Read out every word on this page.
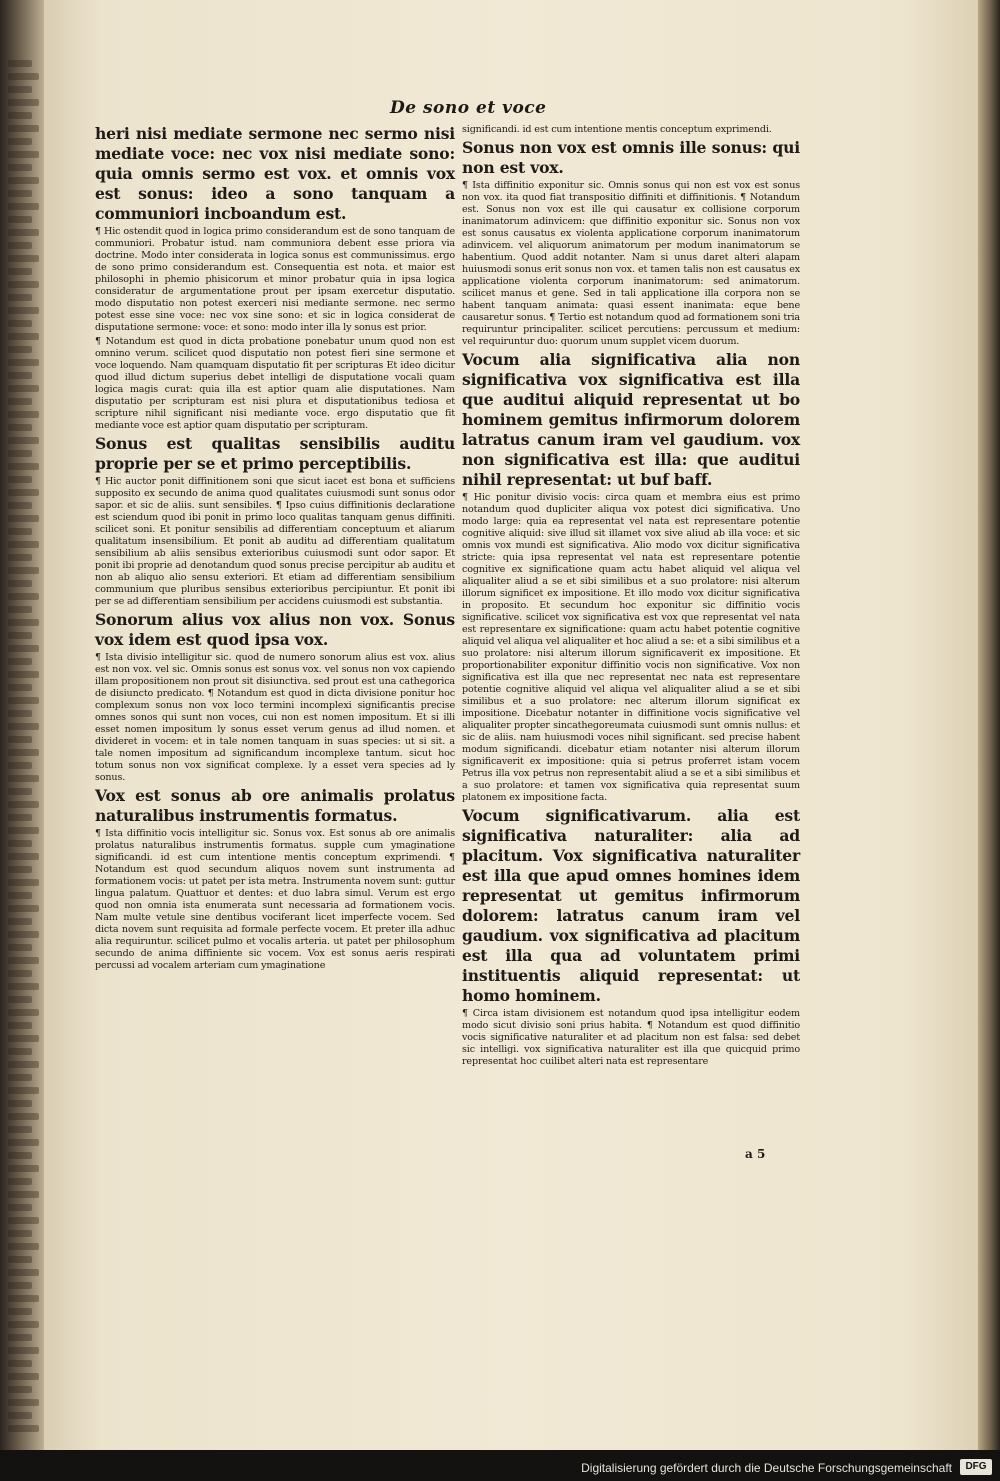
De sono et voce

heri nisi mediate sermone nec sermo nisi mediate voce: nec vox nisi mediate sono: quia omnis sermo est vox. et omnis vox est sonus: ideo a sono tanquam a communiori incboandum est.

¶ Hic ostendit quod in logica primo considerandum est de sono tanquam de communiori. Probatur istud. nam communiora debent esse priora via doctrine. Modo inter considerata in logica sonus est communissimus. ergo de sono primo considerandum est. Consequentia est nota. et maior est philosophi in phemio phisicorum et minor probatur quia in ipsa logica consideratur de argumentatione prout per ipsam exercetur disputatio. modo disputatio non potest exerceri nisi mediante sermone. nec sermo potest esse sine voce: nec vox sine sono: et sic in logica considerat de disputatione sermone: voce: et sono: modo inter illa ly sonus est prior.

¶ Notandum est quod in dicta probatione ponebatur unum quod non est omnino verum. scilicet quod disputatio non potest fieri sine sermone et voce loquendo. Nam quamquam disputatio fit per scripturas Et ideo dicitur quod illud dictum superius debet intelligi de disputatione vocali quam logica magis curat: quia illa est aptior quam alie disputationes. Nam disputatio per scripturam est nisi plura et disputationibus tediosa et scripture nihil significant nisi mediante voce. ergo disputatio que fit mediante voce est aptior quam disputatio per scripturam.

Sonus est qualitas sensibilis auditu proprie per se et primo perceptibilis.

¶ Hic auctor ponit diffinitionem soni que sicut iacet est bona et sufficiens supposito ex secundo de anima quod qualitates cuiusmodi sunt sonus odor sapor. et sic de aliis. sunt sensibiles. ¶ Ipso cuius diffinitionis declaratione est sciendum quod ibi ponit in primo loco qualitas tanquam genus diffiniti. scilicet soni. Et ponitur sensibilis ad differentiam conceptuum et aliarum qualitatum insensibilium. Et ponit ab auditu ad differentiam qualitatum sensibilium ab aliis sensibus exterioribus cuiusmodi sunt odor sapor. Et ponit ibi proprie ad denotandum quod sonus precise percipitur ab auditu et non ab aliquo alio sensu exteriori. Et etiam ad differentiam sensibilium communium que pluribus sensibus exterioribus percipiuntur. Et ponit ibi per se ad differentiam sensibilium per accidens cuiusmodi est substantia.

Sonorum alius vox alius non vox. Sonus vox idem est quod ipsa vox.

¶ Ista divisio intelligitur sic. quod de numero sonorum alius est vox. alius est non vox. vel sic. Omnis sonus est sonus vox. vel sonus non vox capiendo illam propositionem non prout sit disiunctiva. sed prout est una cathegorica de disiuncto predicato. ¶ Notandum est quod in dicta divisione ponitur hoc complexum sonus non vox loco termini incomplexi significantis precise omnes sonos qui sunt non voces, cui non est nomen impositum. Et si illi esset nomen impositum ly sonus esset verum genus ad illud nomen. et divideret in vocem: et in tale nomen tanquam in suas species: ut si sit. a tale nomen impositum ad significandum incomplexe tantum. sicut hoc totum sonus non vox significat complexe. ly a esset vera species ad ly sonus.

Vox est sonus ab ore animalis prolatus naturalibus instrumentis formatus.

¶ Ista diffinitio vocis intelligitur sic. Sonus vox. Est sonus ab ore animalis prolatus naturalibus instrumentis formatus. supple cum ymaginatione significandi. id est cum intentione mentis conceptum exprimendi. ¶ Notandum est quod secundum aliquos novem sunt instrumenta ad formationem vocis: ut patet per ista metra. Instrumenta novem sunt: guttur lingua palatum. Quattuor et dentes: et duo labra simul. Verum est ergo quod non omnia ista enumerata sunt necessaria ad formationem vocis. Nam multe vetule sine dentibus vociferant licet imperfecte vocem. Sed dicta novem sunt requisita ad formale perfecte vocem. Et preter illa adhuc alia requiruntur. scilicet pulmo et vocalis arteria. ut patet per philosophum secundo de anima diffiniente sic vocem. Vox est sonus aeris respirati percussi ad vocalem arteriam cum ymaginatione

significandi. id est cum intentione mentis conceptum exprimendi.

Sonus non vox est omnis ille sonus: qui non est vox.

¶ Ista diffinitio exponitur sic. Omnis sonus qui non est vox est sonus non vox. ita quod fiat transpositio diffiniti et diffinitionis. ¶ Notandum est. Sonus non vox est ille qui causatur ex collisione corporum inanimatorum adinvicem: que diffinitio exponitur sic. Sonus non vox est sonus causatus ex violenta applicatione corporum inanimatorum adinvicem. vel aliquorum animatorum per modum inanimatorum se habentium. Quod addit notanter. Nam si unus daret alteri alapam huiusmodi sonus erit sonus non vox. et tamen talis non est causatus ex applicatione violenta corporum inanimatorum: sed animatorum. scilicet manus et gene. Sed in tali applicatione illa corpora non se habent tanquam animata: quasi essent inanimata: eque bene causaretur sonus. ¶ Tertio est notandum quod ad formationem soni tria requiruntur principaliter. scilicet percutiens: percussum et medium: vel requiruntur duo: quorum unum supplet vicem duorum.

Vocum alia significativa alia non significativa vox significativa est illa que auditui aliquid representat ut bo hominem gemitus infirmorum dolorem latratus canum iram vel gaudium. vox non significativa est illa: que auditui nihil representat: ut buf baff.

¶ Hic ponitur divisio vocis: circa quam et membra eius est primo notandum quod dupliciter aliqua vox potest dici significativa. Uno modo large: quia ea representat vel nata est representare potentie cognitive aliquid: sive illud sit illamet vox sive aliud ab illa voce: et sic omnis vox mundi est significativa. Alio modo vox dicitur significativa stricte: quia ipsa representat vel nata est representare potentie cognitive ex significatione quam actu habet aliquid vel aliqua vel aliqualiter aliud a se et sibi similibus et a suo prolatore: nisi alterum illorum significet ex impositione. Et illo modo vox dicitur significativa in proposito. Et secundum hoc exponitur sic diffinitio vocis significative. scilicet vox significativa est vox que representat vel nata est representare ex significatione: quam actu habet potentie cognitive aliquid vel aliqua vel aliqualiter et hoc aliud a se: et a sibi similibus et a suo prolatore: nisi alterum illorum significaverit ex impositione. Et proportionabiliter exponitur diffinitio vocis non significative. Vox non significativa est illa que nec representat nec nata est representare potentie cognitive aliquid vel aliqua vel aliqualiter aliud a se et sibi similibus et a suo prolatore: nec alterum illorum significat ex impositione. Dicebatur notanter in diffinitione vocis significative vel aliqualiter propter sincathegoreumata cuiusmodi sunt omnis nullus: et sic de aliis. nam huiusmodi voces nihil significant. sed precise habent modum significandi. dicebatur etiam notanter nisi alterum illorum significaverit ex impositione: quia si petrus proferret istam vocem Petrus illa vox petrus non representabit aliud a se et a sibi similibus et a suo prolatore: et tamen vox significativa quia representat suum platonem ex impositione facta.

Vocum significativarum. alia est significativa naturaliter: alia ad placitum. Vox significativa naturaliter est illa que apud omnes homines idem representat ut gemitus infirmorum dolorem: latratus canum iram vel gaudium. vox significativa ad placitum est illa qua ad voluntatem primi instituentis aliquid representat: ut homo hominem.

¶ Circa istam divisionem est notandum quod ipsa intelligitur eodem modo sicut divisio soni prius habita. ¶ Notandum est quod diffinitio vocis significative naturaliter et ad placitum non est falsa: sed debet sic intelligi. vox significativa naturaliter est illa que quicquid primo representat hoc cuilibet alteri nata est representare

a 5
Digitalisierung gefördert durch die Deutsche Forschungsgemeinschaft	DFG
